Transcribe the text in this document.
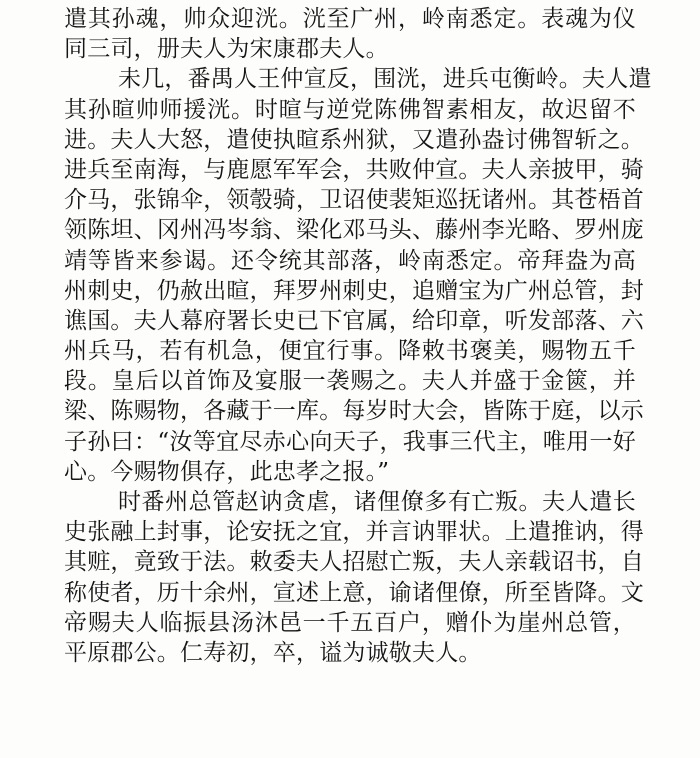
遣其孙魂，帅众迎洸。洸至广州，岭南悉定。表魂为仪
同三司，册夫人为宋康郡夫人。
未几，番禺人王仲宣反，围洸，进兵屯衡岭。夫人遣
其孙暄帅师援洸。时暄与逆党陈佛智素相友，故迟留不
进。夫人大怒，遣使执暄系州狱，又遣孙盎讨佛智斩之。
进兵至南海，与鹿愿军军会，共败仲宣。夫人亲披甲，骑
介马，张锦伞，领彀骑，卫诏使裴矩巡抚诸州。其苍梧首
领陈坦、冈州冯岑翁、梁化邓马头、藤州李光略、罗州庞
靖等皆来参谒。还令统其部落，岭南悉定。帝拜盎为高
州刺史，仍赦出暄，拜罗州刺史，追赠宝为广州总管，封
谯国。夫人幕府署长史已下官属，给印章，听发部落、六
州兵马，若有机急，便宜行事。降敕书褒美，赐物五千
段。皇后以首饰及宴服一袭赐之。夫人并盛于金篋，并
梁、陈赐物，各藏于一库。每岁时大会，皆陈于庭，以示
子孙曰：“汝等宜尽赤心向天子，我事三代主，唯用一好
心。今赐物俱存，此忠孝之报。”
时番州总管赵讷贪虐，诸俚僚多有亡叛。夫人遣长
史张融上封事，论安抚之宜，并言讷罪状。上遣推讷，得
其赃，竟致于法。敕委夫人招慰亡叛，夫人亲载诏书，自
称使者，历十余州，宣述上意，谕诸俚僚，所至皆降。文
帝赐夫人临振县汤沐邑一千五百户，赠仆为崖州总管，
平原郡公。仁寿初，卒，谥为诚敬夫人。
